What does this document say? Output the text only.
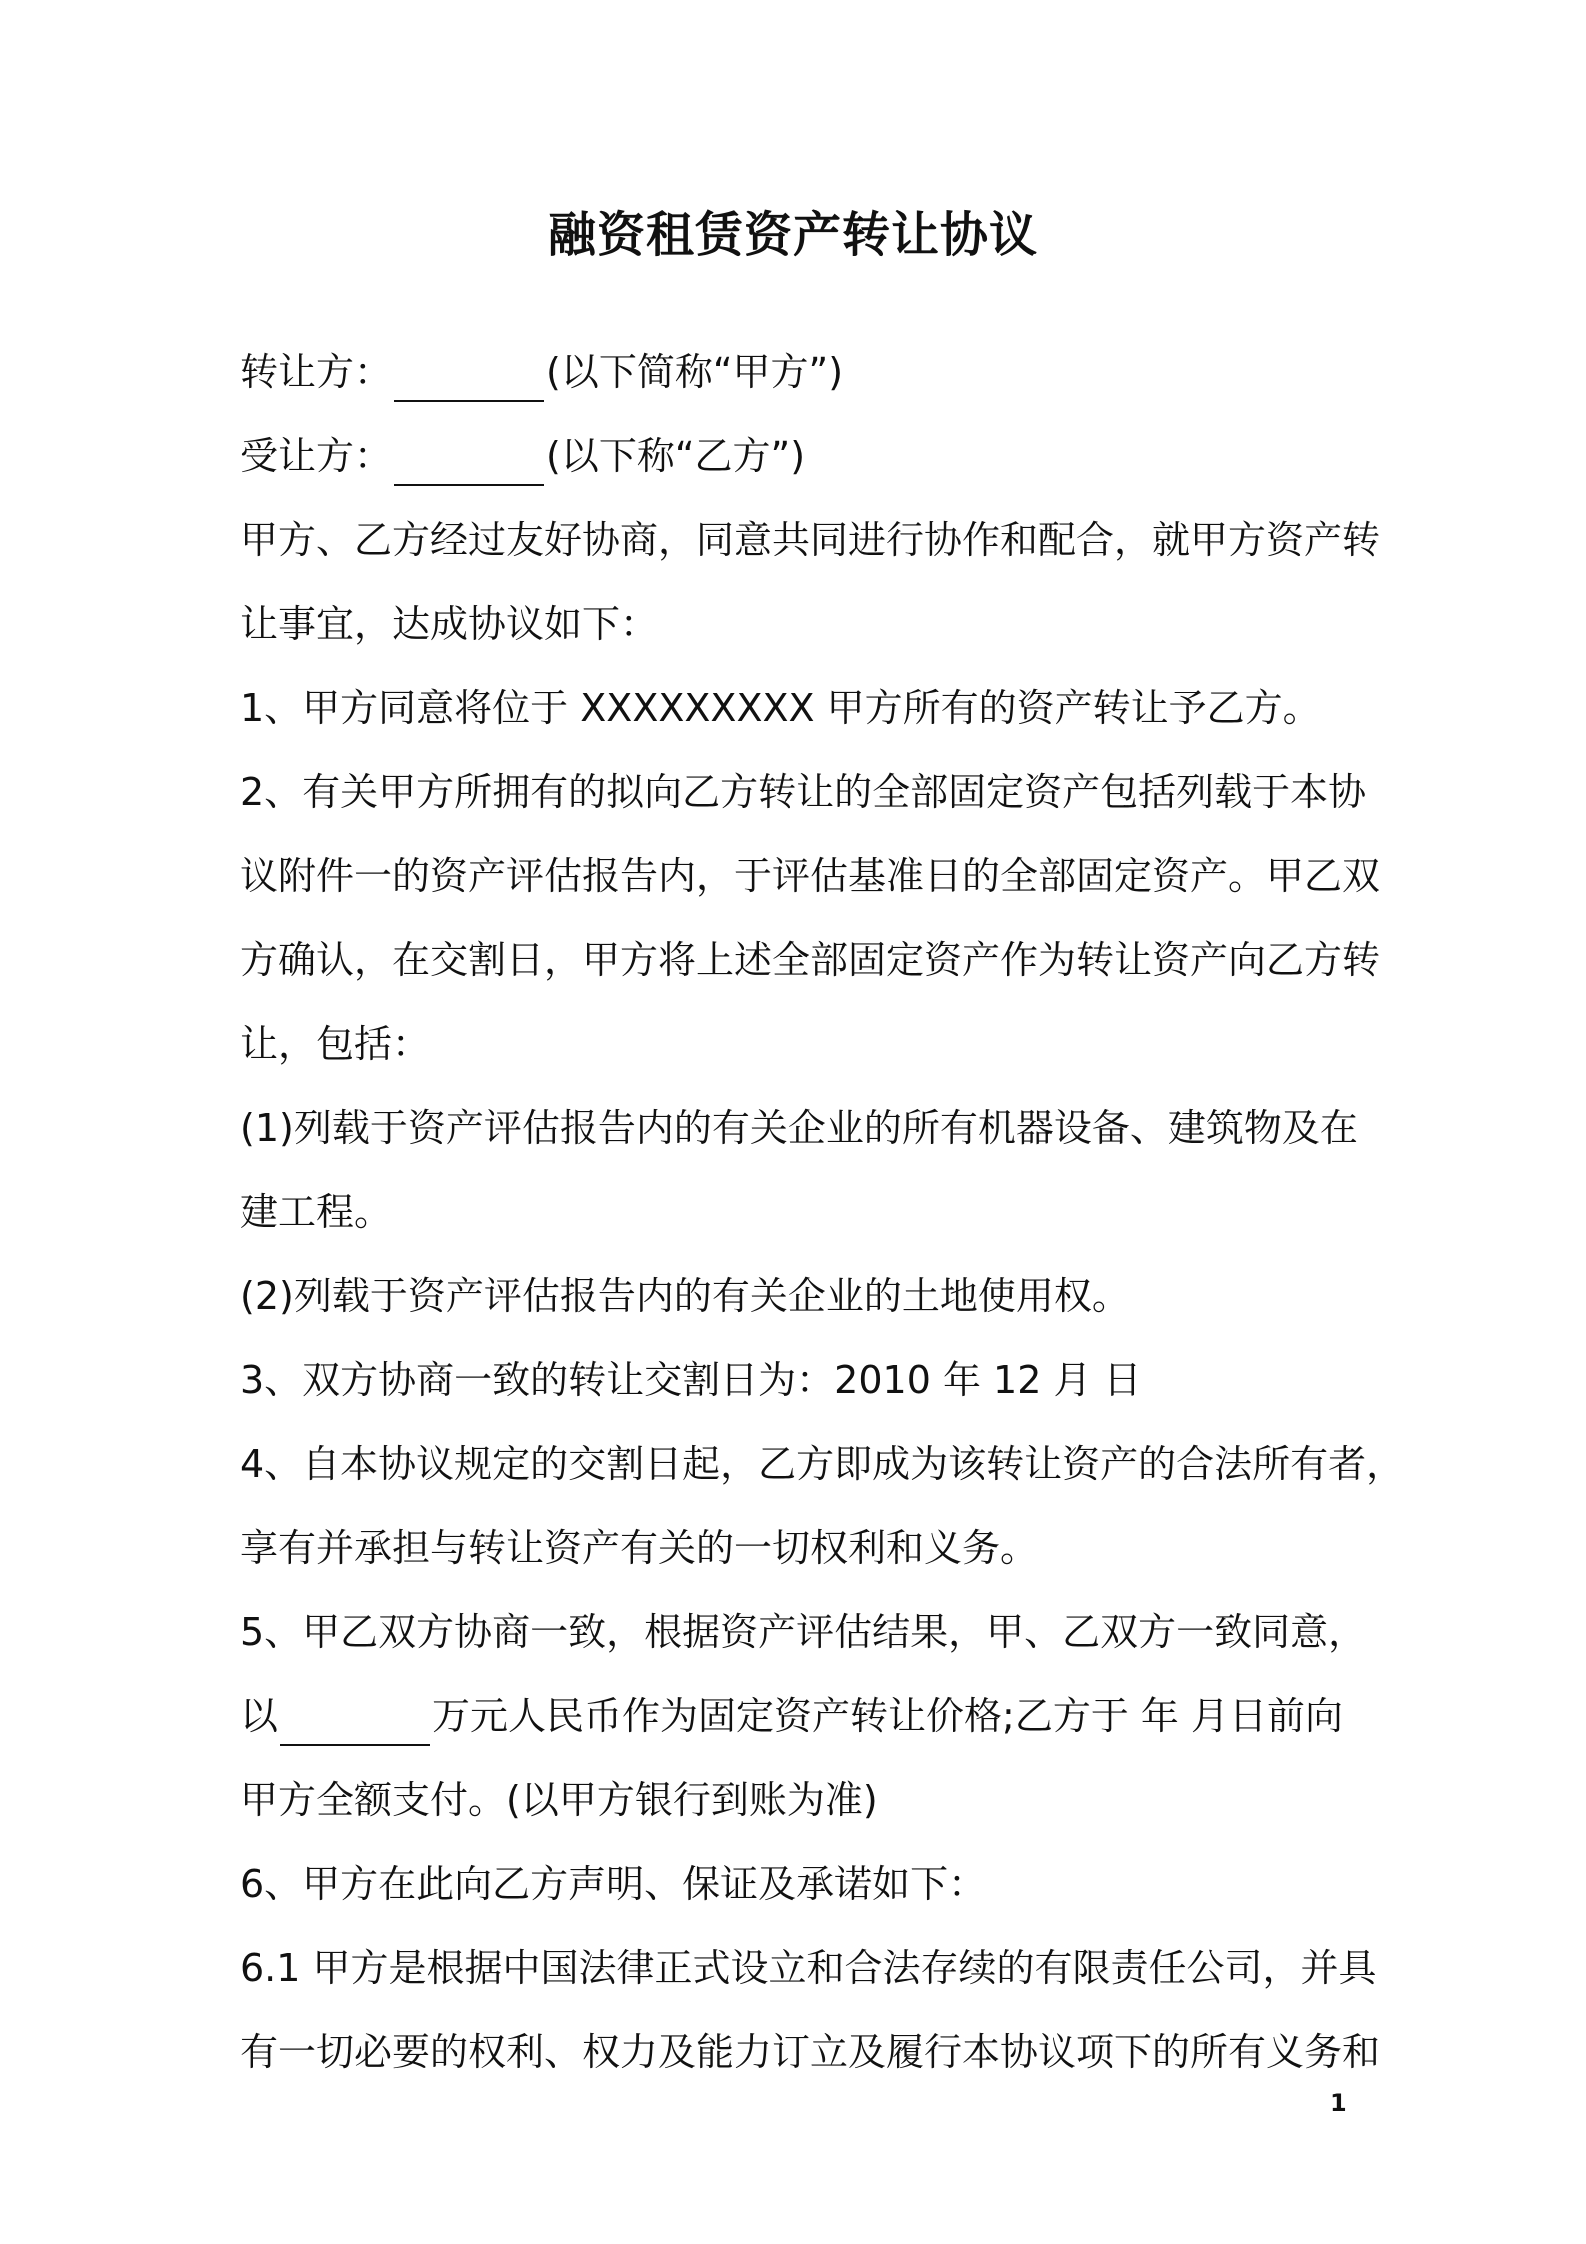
融资租赁资产转让协议
转让方：	(以下简称“甲方”)
受让方：	(以下称“乙方”)
甲方、乙方经过友好协商，同意共同进行协作和配合，就甲方资产转
让事宜，达成协议如下：
1、甲方同意将位于 XXXXXXXXX 甲方所有的资产转让予乙方。
2、有关甲方所拥有的拟向乙方转让的全部固定资产包括列载于本协
议附件一的资产评估报告内，于评估基准日的全部固定资产。甲乙双
方确认，在交割日，甲方将上述全部固定资产作为转让资产向乙方转
让，包括：
(1)列载于资产评估报告内的有关企业的所有机器设备、建筑物及在
建工程。
(2)列载于资产评估报告内的有关企业的土地使用权。
3、双方协商一致的转让交割日为：2010 年 12 月 日
4、自本协议规定的交割日起，乙方即成为该转让资产的合法所有者，
享有并承担与转让资产有关的一切权利和义务。
5、甲乙双方协商一致，根据资产评估结果，甲、乙双方一致同意，
以	万元人民币作为固定资产转让价格;乙方于 年 月日前向
甲方全额支付。(以甲方银行到账为准)
6、甲方在此向乙方声明、保证及承诺如下：
6.1 甲方是根据中国法律正式设立和合法存续的有限责任公司，并具
有一切必要的权利、权力及能力订立及履行本协议项下的所有义务和
1
